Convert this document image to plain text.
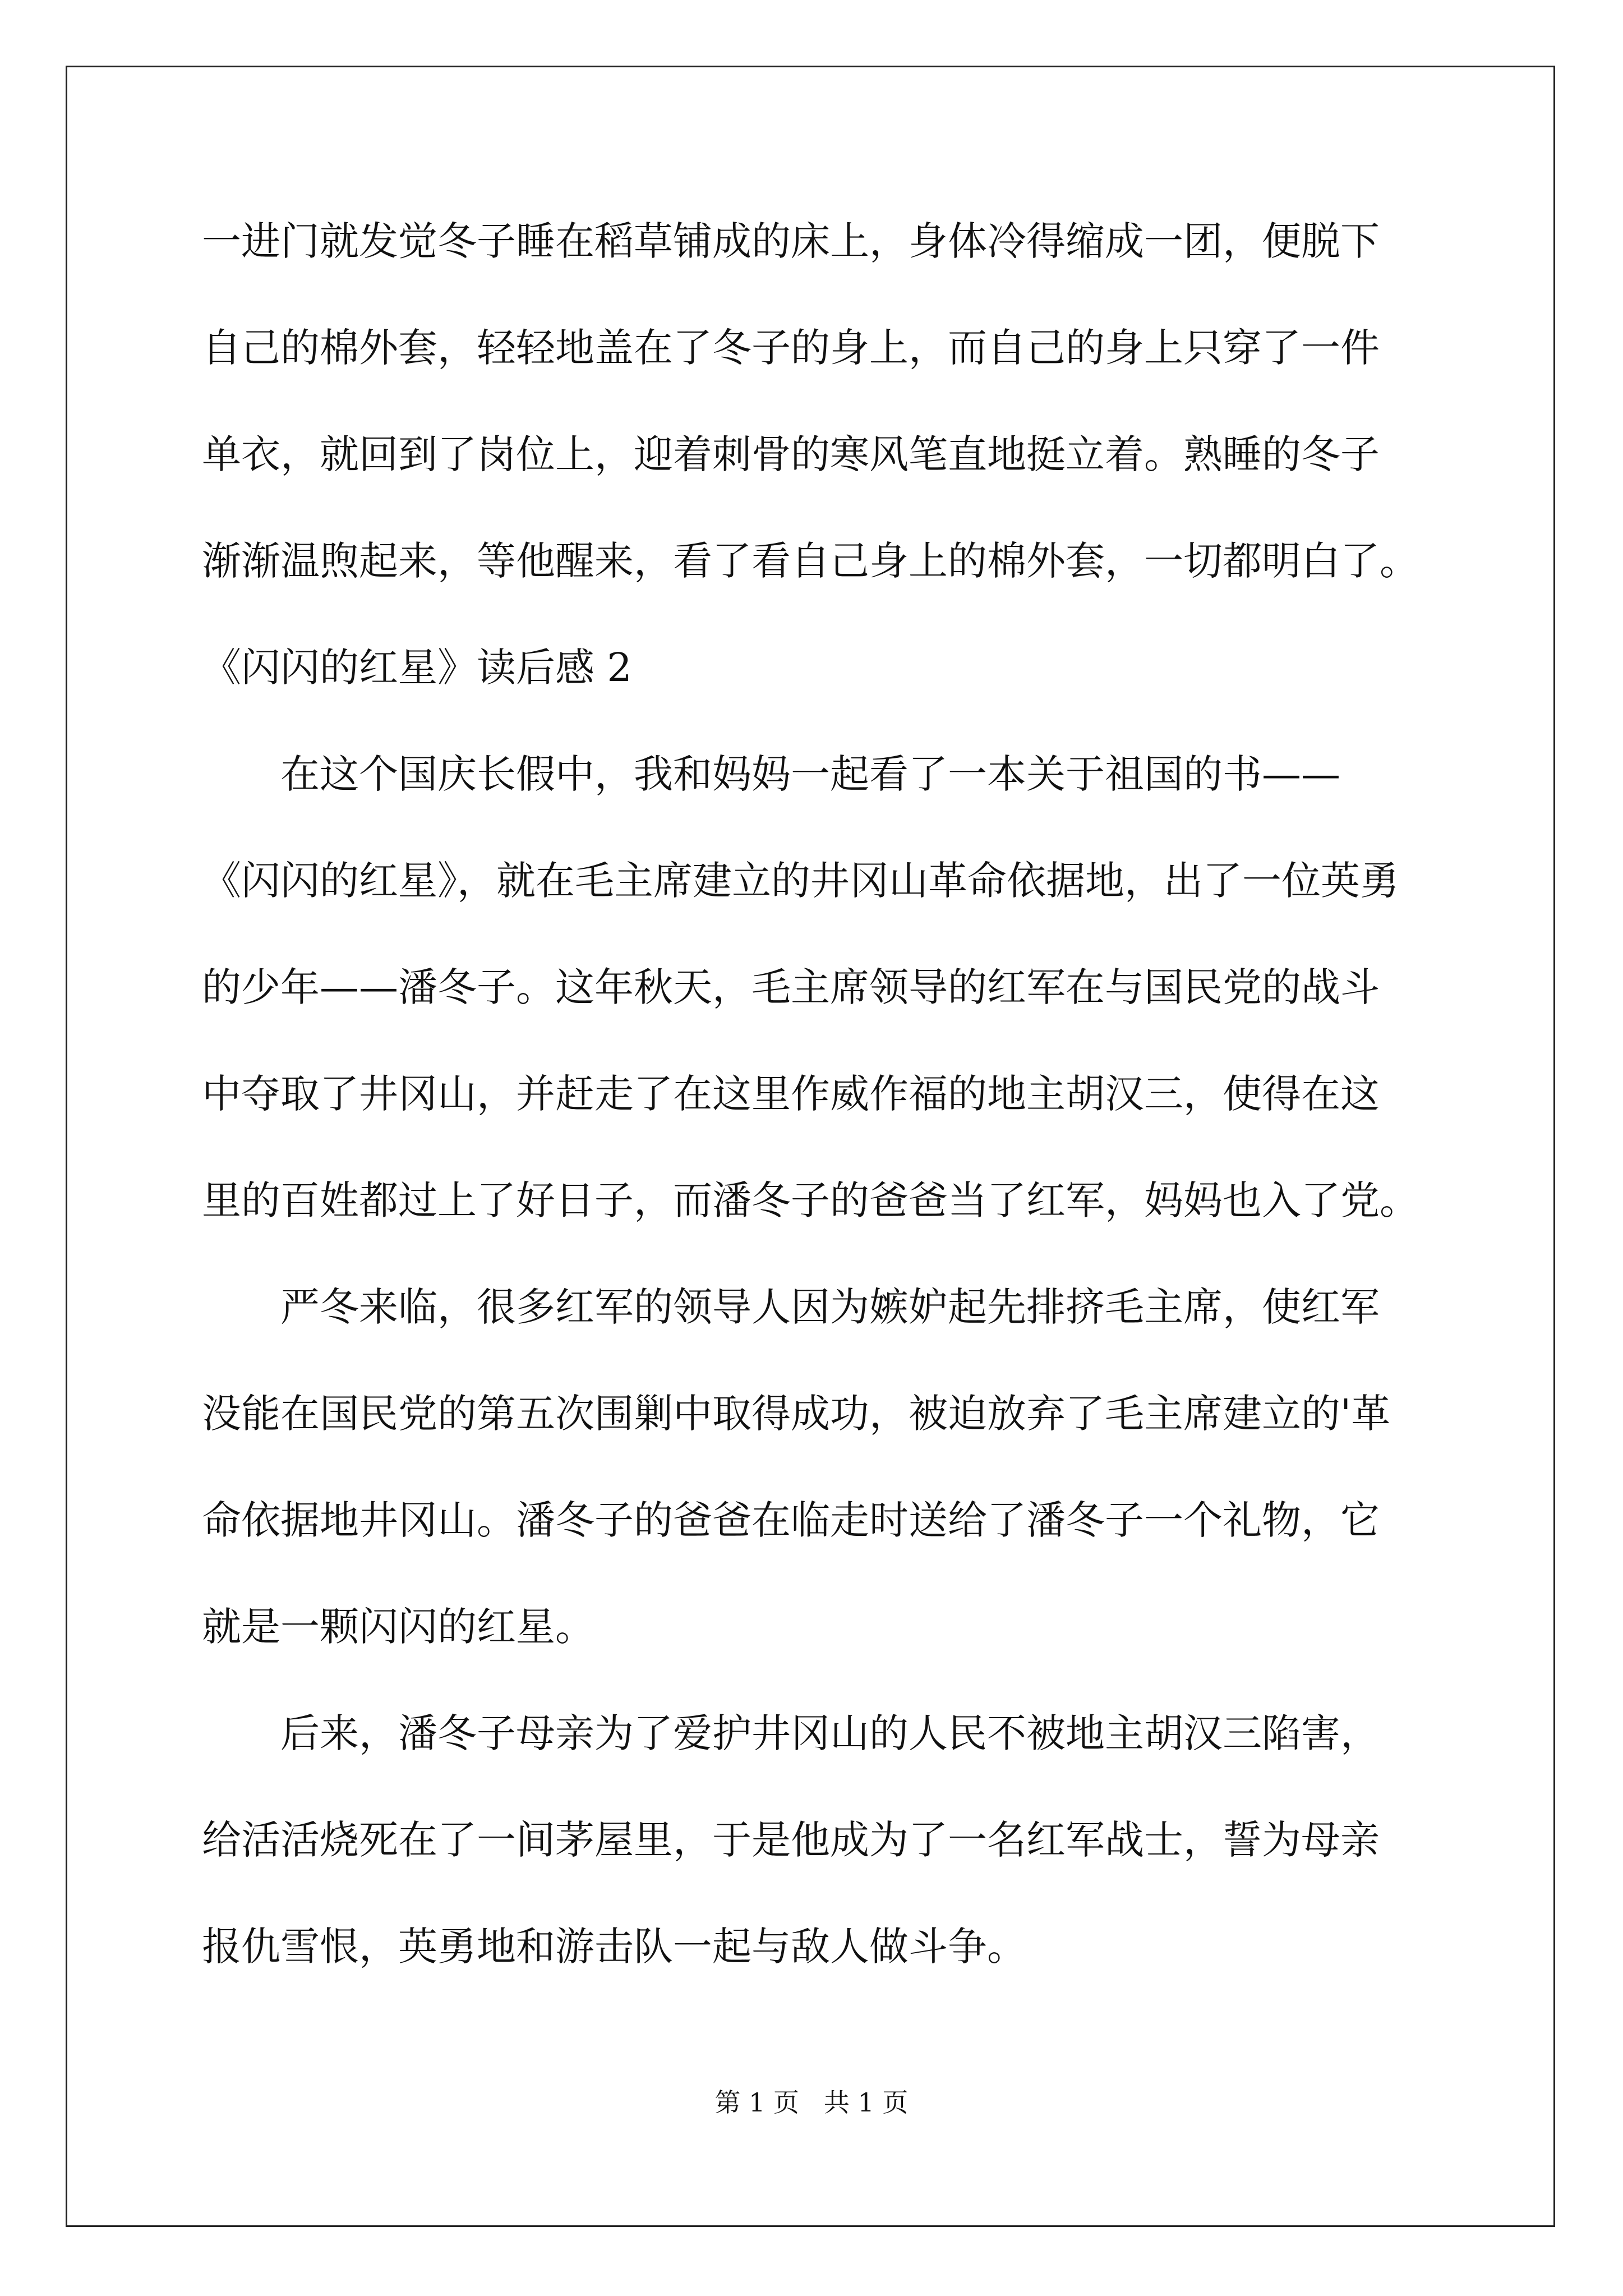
一进门就发觉冬子睡在稻草铺成的床上，身体冷得缩成一团，便脱下
自己的棉外套，轻轻地盖在了冬子的身上，而自己的身上只穿了一件
单衣，就回到了岗位上，迎着刺骨的寒风笔直地挺立着。熟睡的冬子
渐渐温煦起来，等他醒来，看了看自己身上的棉外套，一切都明白了。
《闪闪的红星》读后感 2
　　在这个国庆长假中，我和妈妈一起看了一本关于祖国的书——
《闪闪的红星》，就在毛主席建立的井冈山革命依据地，出了一位英勇
的少年——潘冬子。这年秋天，毛主席领导的红军在与国民党的战斗
中夺取了井冈山，并赶走了在这里作威作福的地主胡汉三，使得在这
里的百姓都过上了好日子，而潘冬子的爸爸当了红军，妈妈也入了党。
　　严冬来临，很多红军的领导人因为嫉妒起先排挤毛主席，使红军
没能在国民党的第五次围剿中取得成功，被迫放弃了毛主席建立的'革
命依据地井冈山。潘冬子的爸爸在临走时送给了潘冬子一个礼物，它
就是一颗闪闪的红星。
　　后来，潘冬子母亲为了爱护井冈山的人民不被地主胡汉三陷害，
给活活烧死在了一间茅屋里，于是他成为了一名红军战士，誓为母亲
报仇雪恨，英勇地和游击队一起与敌人做斗争。
第 1 页   共 1 页
